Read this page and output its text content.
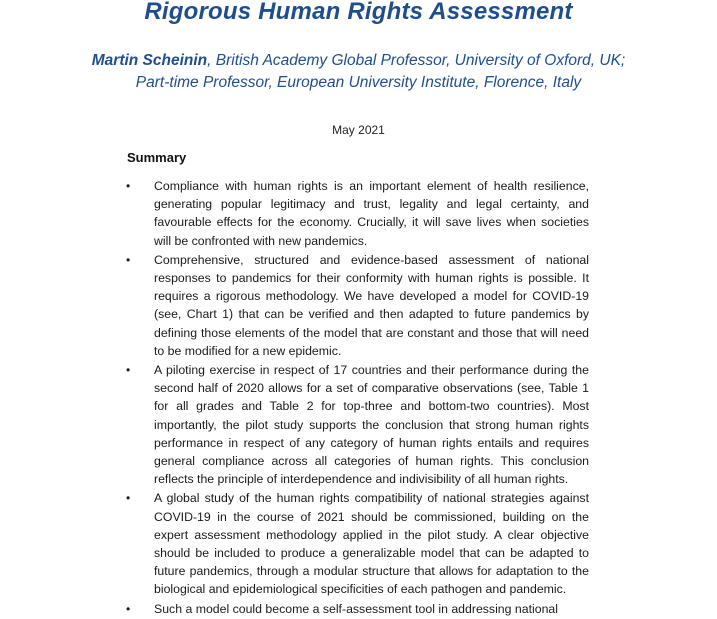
Rigorous Human Rights Assessment
Martin Scheinin, British Academy Global Professor, University of Oxford, UK;
Part-time Professor, European University Institute, Florence, Italy
May 2021
Summary
•	Compliance with human rights is an important element of health resilience, generating popular legitimacy and trust, legality and legal certainty, and favourable effects for the economy. Crucially, it will save lives when societies will be confronted with new pandemics.
•	Comprehensive, structured and evidence-based assessment of national responses to pandemics for their conformity with human rights is possible. It requires a rigorous methodology. We have developed a model for COVID-19 (see, Chart 1) that can be verified and then adapted to future pandemics by defining those elements of the model that are constant and those that will need to be modified for a new epidemic.
•	A piloting exercise in respect of 17 countries and their performance during the second half of 2020 allows for a set of comparative observations (see, Table 1 for all grades and Table 2 for top-three and bottom-two countries). Most importantly, the pilot study supports the conclusion that strong human rights performance in respect of any category of human rights entails and requires general compliance across all categories of human rights. This conclusion reflects the principle of interdependence and indivisibility of all human rights.
•	A global study of the human rights compatibility of national strategies against COVID-19 in the course of 2021 should be commissioned, building on the expert assessment methodology applied in the pilot study. A clear objective should be included to produce a generalizable model that can be adapted to future pandemics, through a modular structure that allows for adaptation to the biological and epidemiological specificities of each pathogen and pandemic.
•	Such a model could become a self-assessment tool in addressing national
